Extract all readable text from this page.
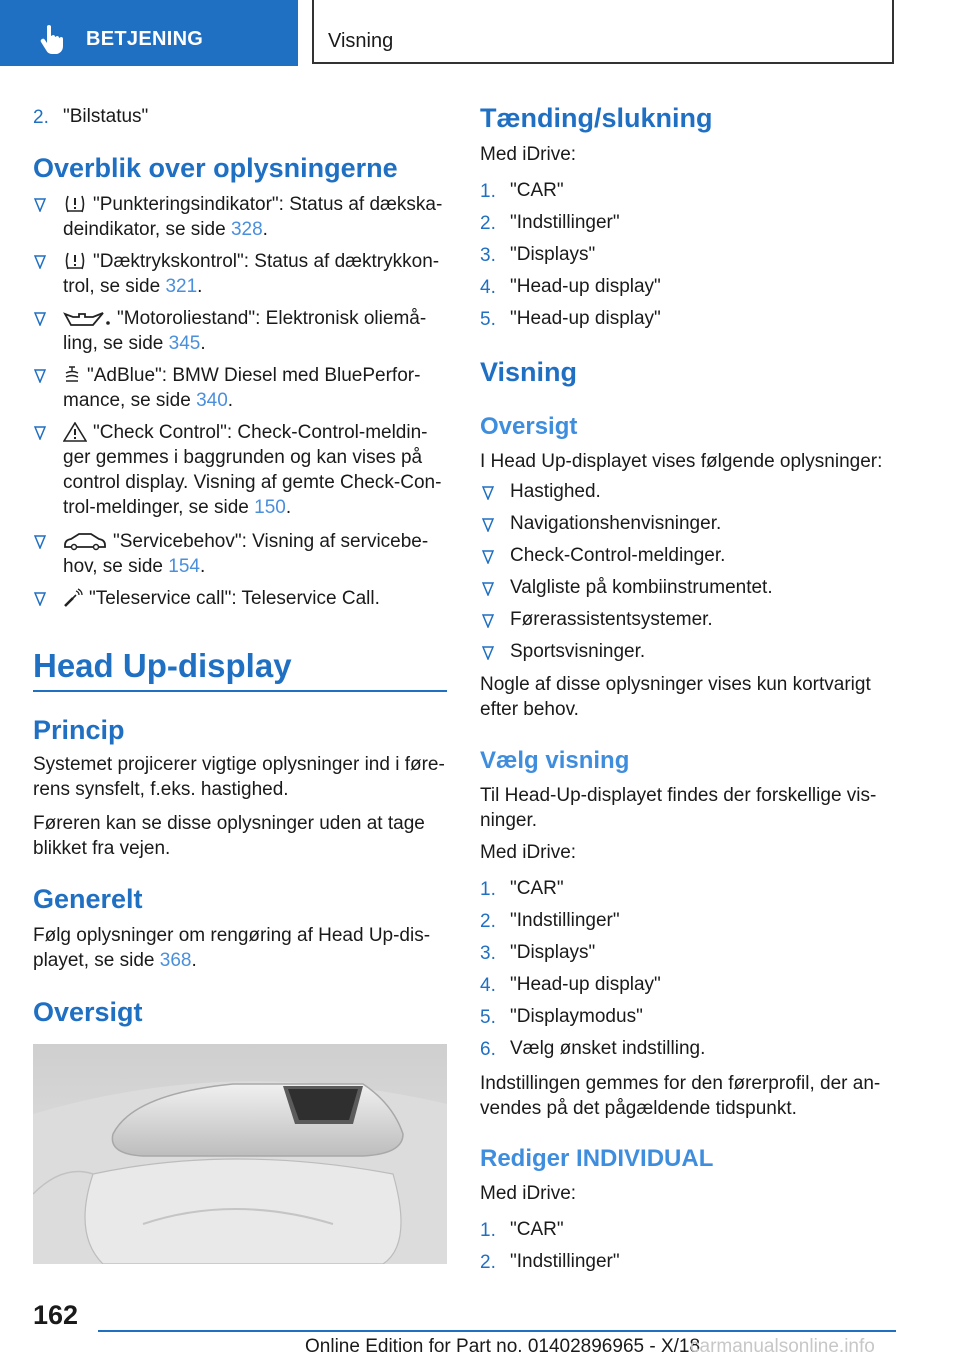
BETJENING	Visning
2. "Bilstatus"
Overblik over oplysningerne
"Punkteringsindikator": Status af dækska-
deindikator, se side 328.
"Dæktrykskontrol": Status af dæktrykkon-
trol, se side 321.
"Motoroliestand": Elektronisk oliemå-
ling, se side 345.
"AdBlue": BMW Diesel med BluePerfor-
mance, se side 340.
"Check Control": Check-Control-meldin-
ger gemmes i baggrunden og kan vises på
control display. Visning af gemte Check-Con-
trol-meldinger, se side 150.
"Servicebehov": Visning af servicebe-
hov, se side 154.
"Teleservice call": Teleservice Call.
Head Up-display
Princip
Systemet projicerer vigtige oplysninger ind i føre-
rens synsfelt, f.eks. hastighed.
Føreren kan se disse oplysninger uden at tage
blikket fra vejen.
Generelt
Følg oplysninger om rengøring af Head Up-dis-
playet, se side 368.
Oversigt
Tænding/slukning
Med iDrive:
1. "CAR"
2. "Indstillinger"
3. "Displays"
4. "Head-up display"
5. "Head-up display"
Visning
Oversigt
I Head Up-displayet vises følgende oplysninger:
Hastighed.
Navigationshenvisninger.
Check-Control-meldinger.
Valgliste på kombiinstrumentet.
Førerassistentsystemer.
Sportsvisninger.
Nogle af disse oplysninger vises kun kortvarigt
efter behov.
Vælg visning
Til Head-Up-displayet findes der forskellige vis-
ninger.
Med iDrive:
1. "CAR"
2. "Indstillinger"
3. "Displays"
4. "Head-up display"
5. "Displaymodus"
6. Vælg ønsket indstilling.
Indstillingen gemmes for den førerprofil, der an-
vendes på det pågældende tidspunkt.
Rediger INDIVIDUAL
Med iDrive:
1. "CAR"
2. "Indstillinger"
162
Online Edition for Part no. 01402896965 - X/18
carmanualsonline.info
